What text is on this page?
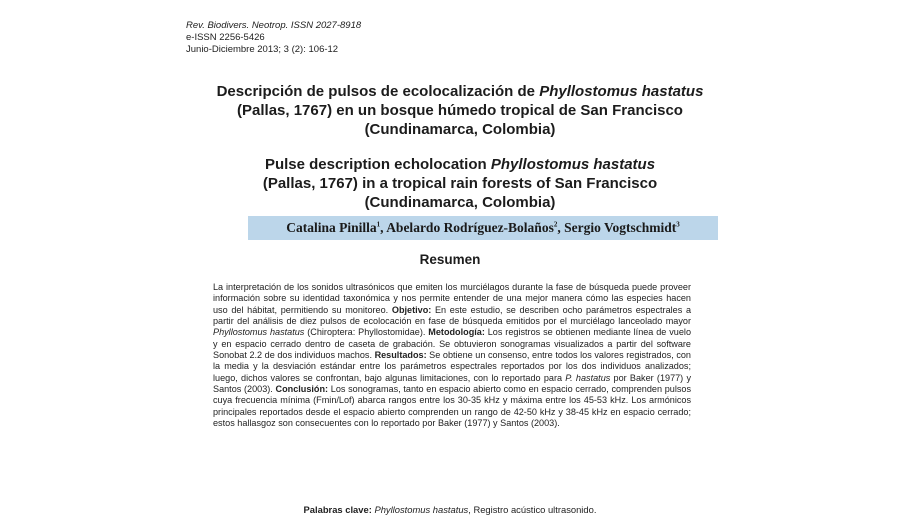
Rev. Biodivers. Neotrop. ISSN 2027-8918
e-ISSN 2256-5426
Junio-Diciembre 2013; 3 (2): 106-12
Descripción de pulsos de ecolocalización de Phyllostomus hastatus
(Pallas, 1767) en un bosque húmedo tropical de San Francisco
(Cundinamarca, Colombia)
Pulse description echolocation Phyllostomus hastatus
(Pallas, 1767) in a tropical rain forests of San Francisco
(Cundinamarca, Colombia)
Catalina Pinilla$^1$, Abelardo Rodríguez-Bolaños$^2$, Sergio Vogtschmidt$^3$
Resumen
La interpretación de los sonidos ultrasónicos que emiten los murciélagos durante la fase de búsqueda puede proveer información sobre su identidad taxonómica y nos permite entender de una mejor manera cómo las especies hacen uso del hábitat, permitiendo su monitoreo. Objetivo: En este estudio, se describen ocho parámetros espectrales a partir del análisis de diez pulsos de ecolocación en fase de búsqueda emitidos por el murciélago lanceolado mayor Phyllostomus hastatus (Chiroptera: Phyllostomidae). Metodología: Los registros se obtienen mediante línea de vuelo y en espacio cerrado dentro de caseta de grabación. Se obtuvieron sonogramas visualizados a partir del software Sonobat 2.2 de dos individuos machos. Resultados: Se obtiene un consenso, entre todos los valores registrados, con la media y la desviación estándar entre los parámetros espectrales reportados por los dos individuos analizados; luego, dichos valores se confrontan, bajo algunas limitaciones, con lo reportado para P. hastatus por Baker (1977) y Santos (2003). Conclusión: Los sonogramas, tanto en espacio abierto como en espacio cerrado, comprenden pulsos cuya frecuencia mínima (Fmin/Lof) abarca rangos entre los 30-35 kHz y máxima entre los 45-53 kHz. Los armónicos principales reportados desde el espacio abierto comprenden un rango de 42-50 kHz y 38-45 kHz en espacio cerrado; estos hallasgoz son consecuentes con lo reportado por Baker (1977) y Santos (2003).
Palabras clave: Phyllostomus hastatus, Registro acústico ultrasonido.
